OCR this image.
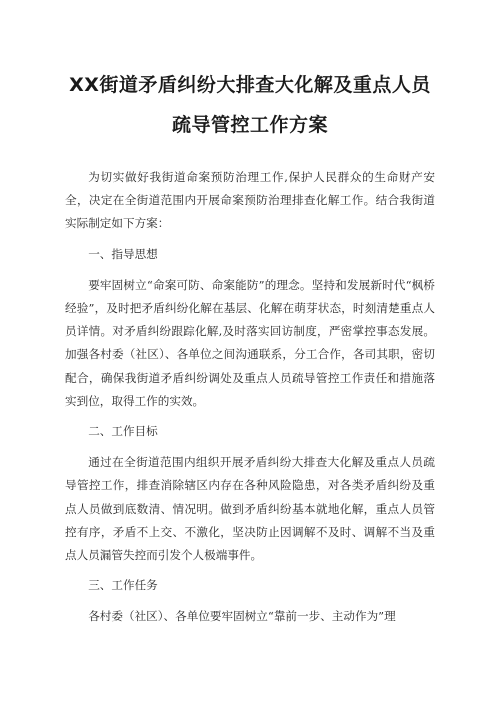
XX街道矛盾纠纷大排查大化解及重点人员
疏导管控工作方案

为切实做好我街道命案预防治理工作,保护人民群众的生命财产安全，决定在全街道范围内开展命案预防治理排查化解工作。结合我街道实际制定如下方案：

一、指导思想

要牢固树立“命案可防、命案能防”的理念。坚持和发展新时代“枫桥经验”，及时把矛盾纠纷化解在基层、化解在萌芽状态，时刻清楚重点人员详情。对矛盾纠纷跟踪化解,及时落实回访制度，严密掌控事态发展。加强各村委（社区）、各单位之间沟通联系，分工合作，各司其职，密切配合，确保我街道矛盾纠纷调处及重点人员疏导管控工作责任和措施落实到位，取得工作的实效。

二、工作目标

通过在全街道范围内组织开展矛盾纠纷大排查大化解及重点人员疏导管控工作，排查消除辖区内存在各种风险隐患，对各类矛盾纠纷及重点人员做到底数清、情况明。做到矛盾纠纷基本就地化解，重点人员管控有序，矛盾不上交、不激化，坚决防止因调解不及时、调解不当及重点人员漏管失控而引发个人极端事件。

三、工作任务

各村委（社区）、各单位要牢固树立“靠前一步、主动作为”理
